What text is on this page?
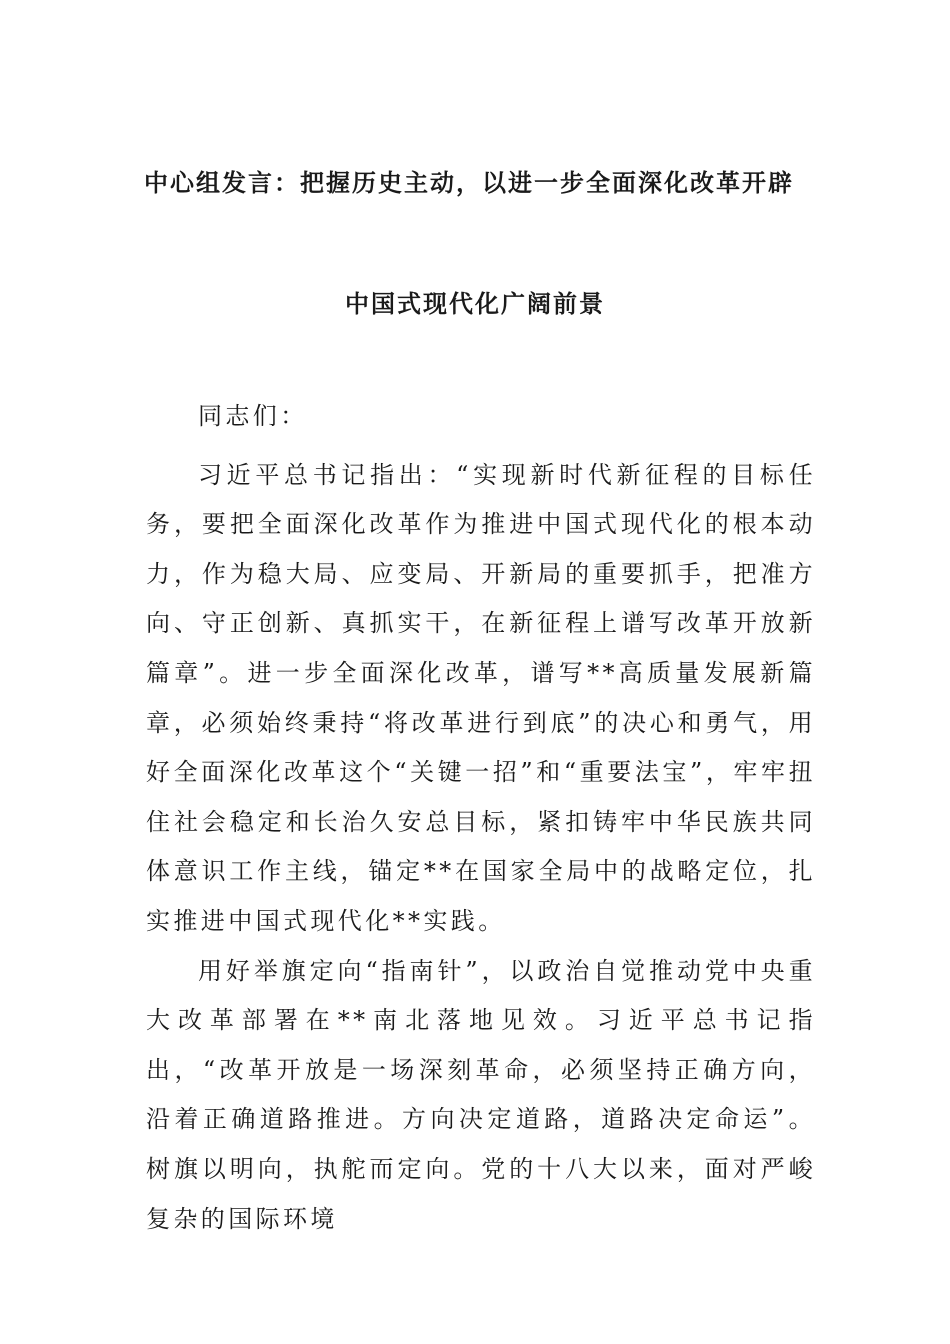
中心组发言：把握历史主动，以进一步全面深化改革开辟
中国式现代化广阔前景

同志们：

习近平总书记指出：“实现新时代新征程的目标任务，要把全面深化改革作为推进中国式现代化的根本动力，作为稳大局、应变局、开新局的重要抓手，把准方向、守正创新、真抓实干，在新征程上谱写改革开放新篇章”。进一步全面深化改革，谱写**高质量发展新篇章，必须始终秉持“将改革进行到底”的决心和勇气，用好全面深化改革这个“关键一招”和“重要法宝”，牢牢扭住社会稳定和长治久安总目标，紧扣铸牢中华民族共同体意识工作主线，锚定**在国家全局中的战略定位，扎实推进中国式现代化**实践。

用好举旗定向“指南针”，以政治自觉推动党中央重大改革部署在**南北落地见效。习近平总书记指出，“改革开放是一场深刻革命，必须坚持正确方向，沿着正确道路推进。方向决定道路，道路决定命运”。树旗以明向，执舵而定向。党的十八大以来，面对严峻复杂的国际环境
